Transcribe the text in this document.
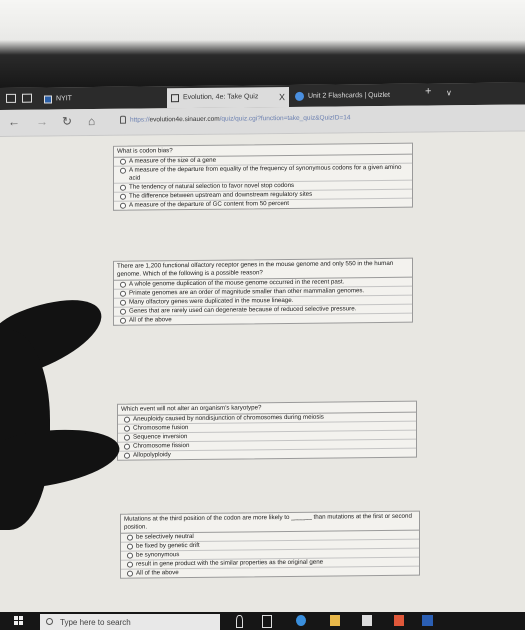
NYIT	Evolution, 4e: Take Quiz X	Unit 2 Flashcards | Quizlet	+ ∨
← → ↻ ⌂	https://evolution4e.sinauer.com/quiz/quiz.cgi?function=take_quiz&QuizID=14
What is codon bias?
A measure of the size of a gene
A measure of the departure from equality of the frequency of synonymous codons for a given amino acid
The tendency of natural selection to favor novel stop codons
The difference between upstream and downstream regulatory sites
A measure of the departure of GC content from 50 percent
There are 1,200 functional olfactory receptor genes in the mouse genome and only 550 in the human genome. Which of the following is a possible reason?
A whole genome duplication of the mouse genome occurred in the recent past.
Primate genomes are an order of magnitude smaller than other mammalian genomes.
Many olfactory genes were duplicated in the mouse lineage.
Genes that are rarely used can degenerate because of reduced selective pressure.
All of the above
Which event will not alter an organism's karyotype?
Aneuploidy caused by nondisjunction of chromosomes during meiosis
Chromosome fusion
Sequence inversion
Chromosome fission
Allopolyploidy
Mutations at the third position of the codon are more likely to ______ than mutations at the first or second position.
be selectively neutral
be fixed by genetic drift
be synonymous
result in gene product with the similar properties as the original gene
All of the above
Type here to search
